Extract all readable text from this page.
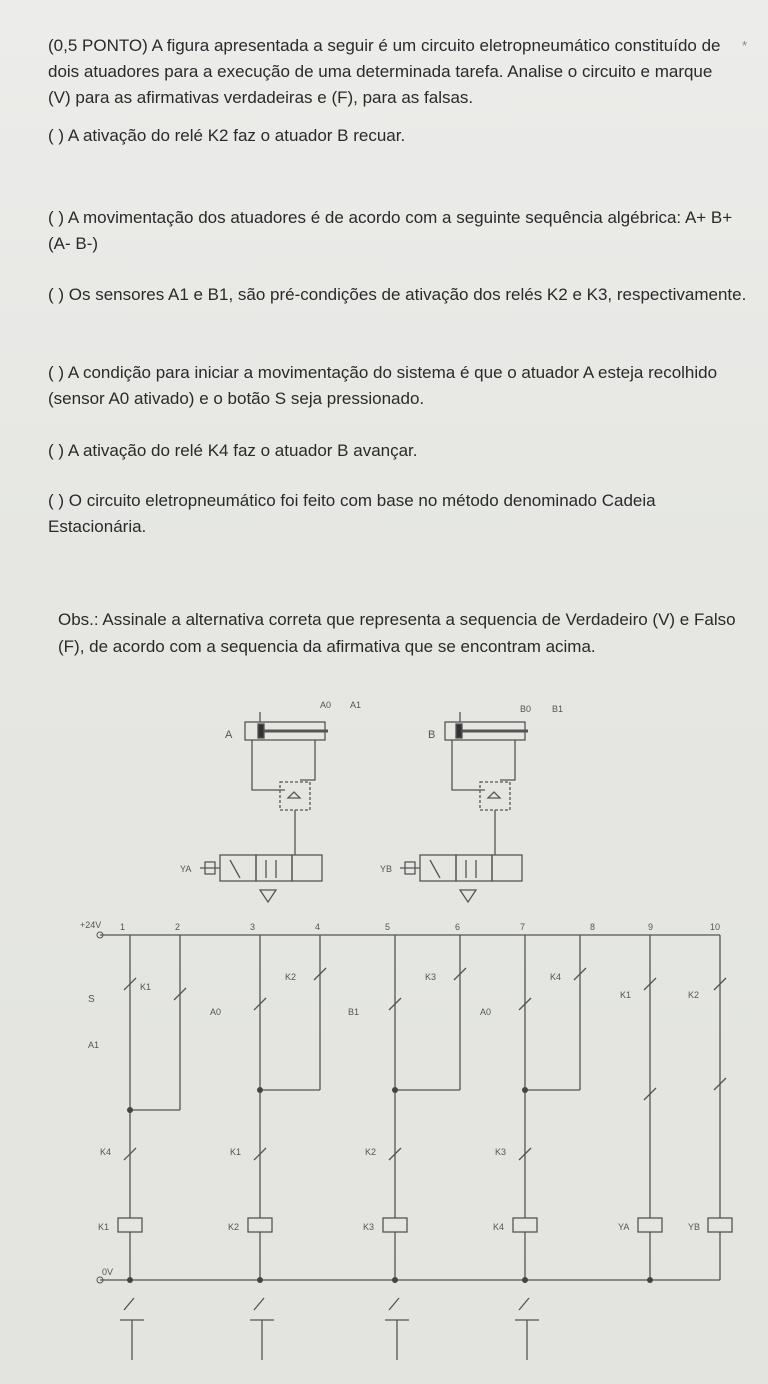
(0,5 PONTO) A figura apresentada a seguir é um circuito eletropneumático constituído de dois atuadores para a execução de uma determinada tarefa. Analise o circuito e marque (V) para as afirmativas verdadeiras e (F), para as falsas.
*
( ) A ativação do relé K2 faz o atuador B recuar.
( ) A movimentação dos atuadores é de acordo com a seguinte sequência algébrica: A+ B+ (A- B-)
( ) Os sensores A1 e B1, são pré-condições de ativação dos relés K2 e K3, respectivamente.
( ) A condição para iniciar a movimentação do sistema é que o atuador A esteja recolhido (sensor A0 ativado) e o botão S seja pressionado.
( ) A ativação do relé K4 faz o atuador B avançar.
( ) O circuito eletropneumático foi feito com base no método denominado Cadeia Estacionária.
Obs.: Assinale a alternativa correta que representa a sequencia de Verdadeiro (V) e Falso (F), de acordo com a sequencia da afirmativa que se encontram acima.
A0 A1	B0 B1
A	B
YA	YB
+24V
0V
S
A0	B1	A0
A1
K1	K2	K3	K4	YA	YB
1	2	3	4	5	6	7	8	9	10
K1
K2	K3	K4
K1	K2
K4	K1	K2	K3
